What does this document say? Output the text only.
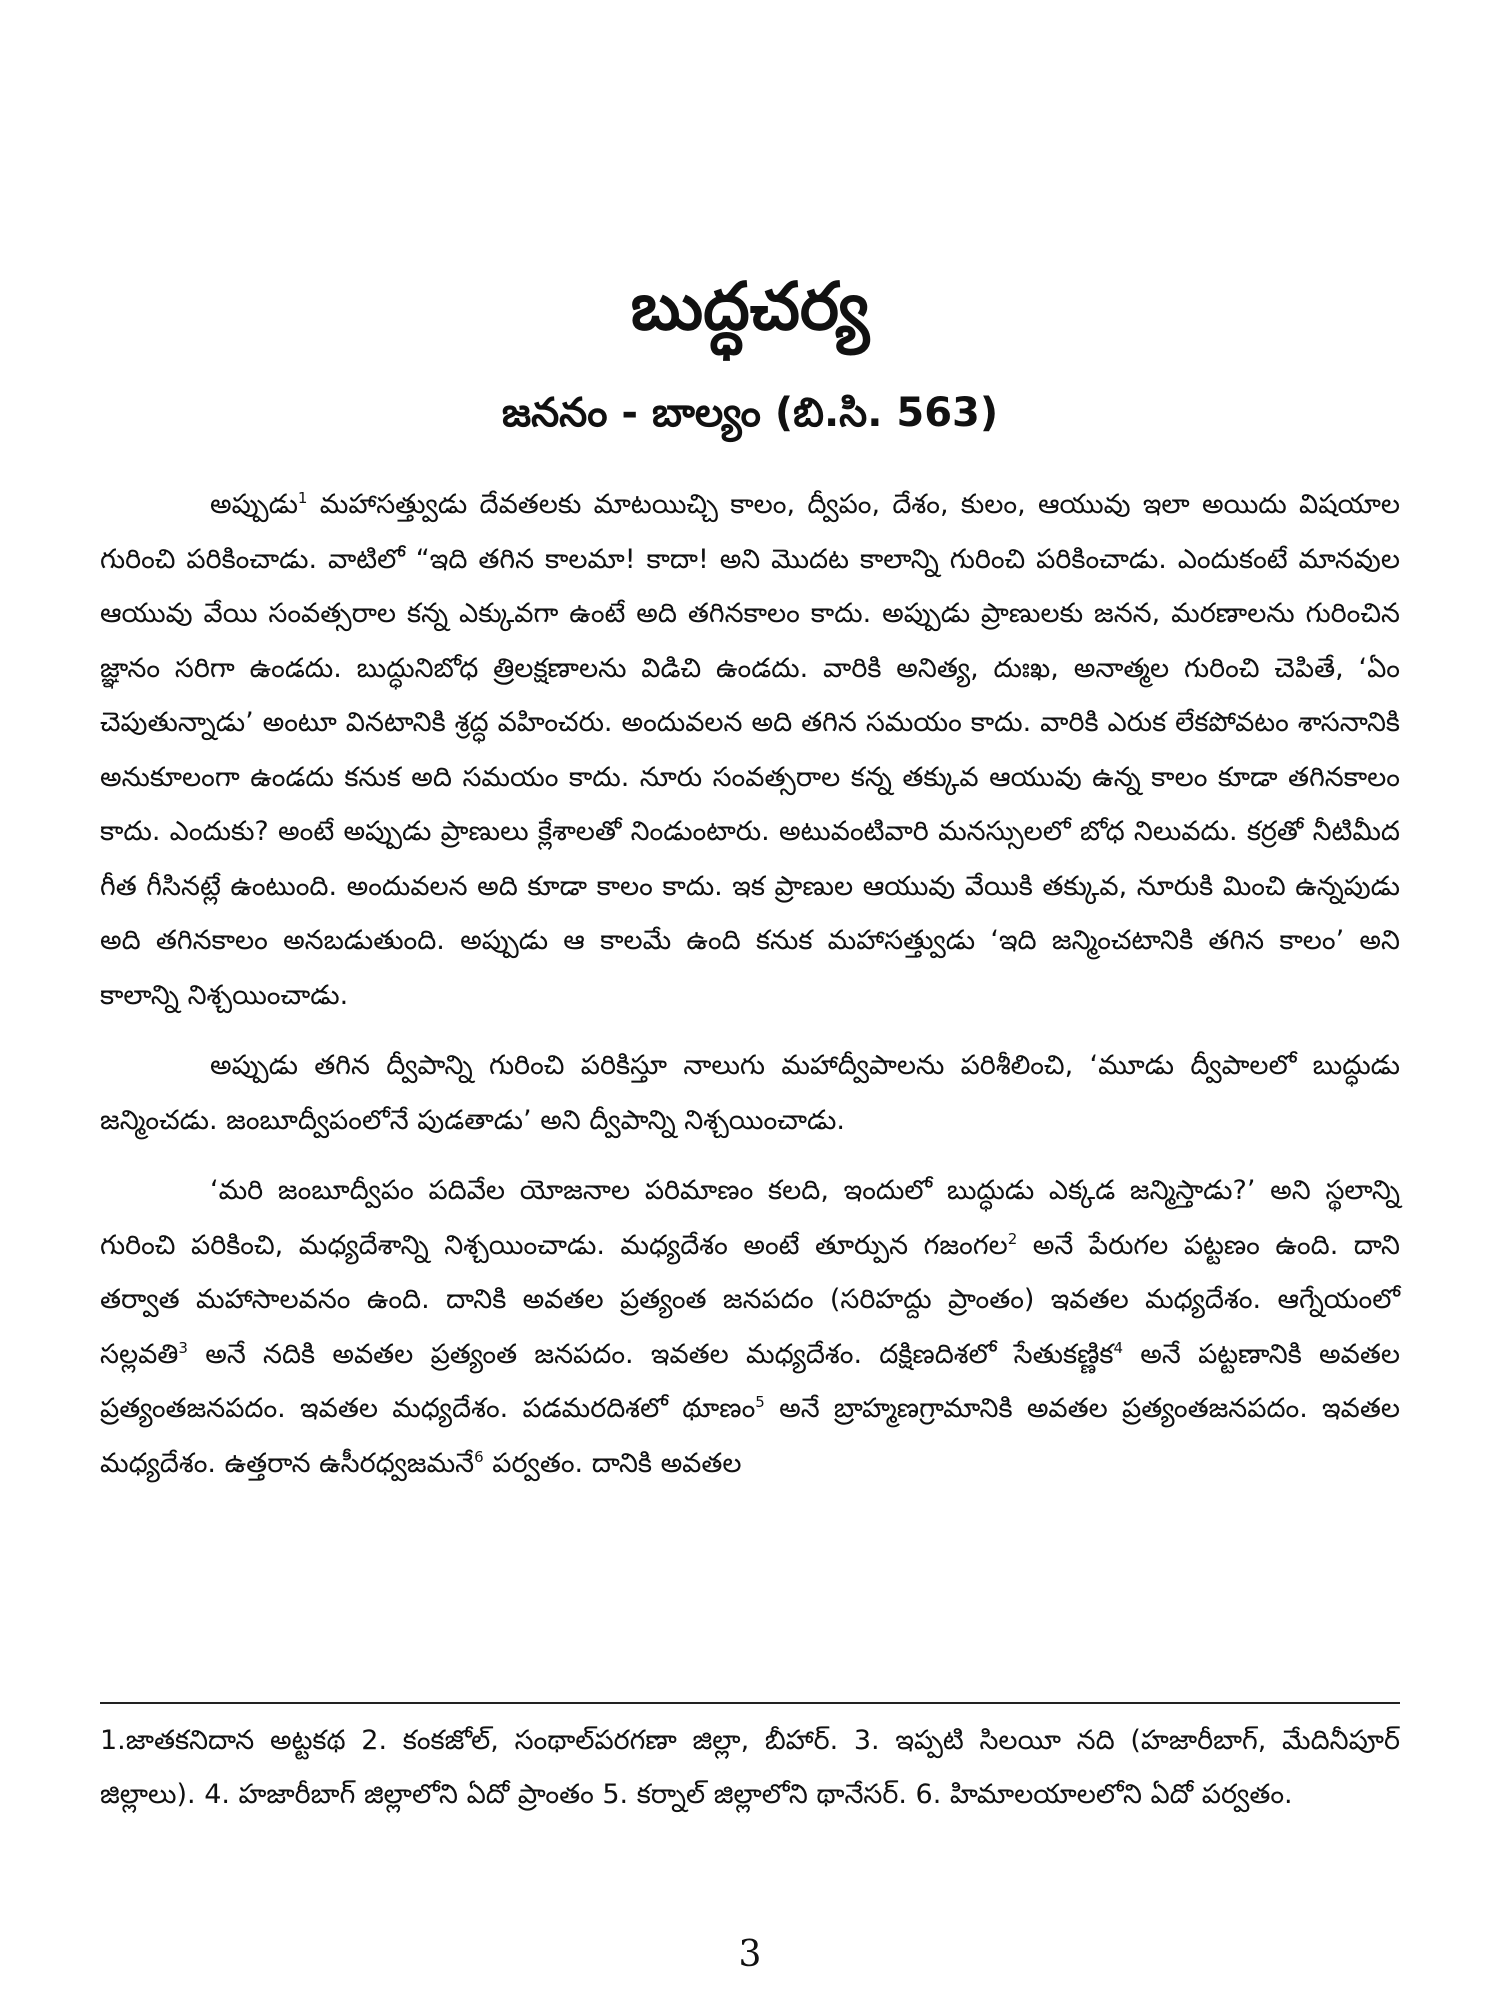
బుద్ధచర్య
జననం - బాల్యం (బి.సి. 563)

అప్పుడు$^1$ మహాసత్త్వుడు దేవతలకు మాటయిచ్చి కాలం, ద్వీపం, దేశం, కులం, ఆయువు ఇలా అయిదు విషయాల గురించి పరికించాడు. వాటిలో “ఇది తగిన కాలమా! కాదా! అని మొదట కాలాన్ని గురించి పరికించాడు. ఎందుకంటే మానవుల ఆయువు వేయి సంవత్సరాల కన్న ఎక్కువగా ఉంటే అది తగినకాలం కాదు. అప్పుడు ప్రాణులకు జనన, మరణాలను గురించిన జ్ఞానం సరిగా ఉండదు. బుద్ధునిబోధ త్రిలక్షణాలను విడిచి ఉండదు. వారికి అనిత్య, దుఃఖ, అనాత్మల గురించి చెపితే, ‘ఏం చెపుతున్నాడు’ అంటూ వినటానికి శ్రద్ధ వహించరు. అందువలన అది తగిన సమయం కాదు. వారికి ఎరుక లేకపోవటం శాసనానికి అనుకూలంగా ఉండదు కనుక అది సమయం కాదు. నూరు సంవత్సరాల కన్న తక్కువ ఆయువు ఉన్న కాలం కూడా తగినకాలం కాదు. ఎందుకు? అంటే అప్పుడు ప్రాణులు క్లేశాలతో నిండుంటారు. అటువంటివారి మనస్సులలో బోధ నిలువదు. కర్రతో నీటిమీద గీత గీసినట్లే ఉంటుంది. అందువలన అది కూడా కాలం కాదు. ఇక ప్రాణుల ఆయువు వేయికి తక్కువ, నూరుకి మించి ఉన్నపుడు అది తగినకాలం అనబడుతుంది. అప్పుడు ఆ కాలమే ఉంది కనుక మహాసత్త్వుడు ‘ఇది జన్మించటానికి తగిన కాలం’ అని కాలాన్ని నిశ్చయించాడు.

అప్పుడు తగిన ద్వీపాన్ని గురించి పరికిస్తూ నాలుగు మహాద్వీపాలను పరిశీలించి, ‘మూడు ద్వీపాలలో బుద్ధుడు జన్మించడు. జంబూద్వీపంలోనే పుడతాడు’ అని ద్వీపాన్ని నిశ్చయించాడు.

‘మరి జంబూద్వీపం పదివేల యోజనాల పరిమాణం కలది, ఇందులో బుద్ధుడు ఎక్కడ జన్మిస్తాడు?’ అని స్థలాన్ని గురించి పరికించి, మధ్యదేశాన్ని నిశ్చయించాడు. మధ్యదేశం అంటే తూర్పున గజంగల$^2$ అనే పేరుగల పట్టణం ఉంది. దాని తర్వాత మహాసాలవనం ఉంది. దానికి అవతల ప్రత్యంత జనపదం (సరిహద్దు ప్రాంతం) ఇవతల మధ్యదేశం. ఆగ్నేయంలో సల్లవతి$^3$ అనే నదికి అవతల ప్రత్యంత జనపదం. ఇవతల మధ్యదేశం. దక్షిణదిశలో సేతుకణ్ణిక$^4$ అనే పట్టణానికి అవతల ప్రత్యంతజనపదం. ఇవతల మధ్యదేశం. పడమరదిశలో థూణం$^5$ అనే బ్రాహ్మణగ్రామానికి అవతల ప్రత్యంతజనపదం. ఇవతల మధ్యదేశం. ఉత్తరాన ఉసీరధ్వజమనే$^6$ పర్వతం. దానికి అవతల

1.జాతకనిదాన అట్టకథ 2. కంకజోల్, సంథాల్‌పరగణా జిల్లా, బీహార్. 3. ఇప్పటి సిలయీ నది (హజారీబాగ్, మేదినీపూర్ జిల్లాలు). 4. హజారీబాగ్ జిల్లాలోని ఏదో ప్రాంతం 5. కర్నాల్ జిల్లాలోని థానేసర్. 6. హిమాలయాలలోని ఏదో పర్వతం.
3
